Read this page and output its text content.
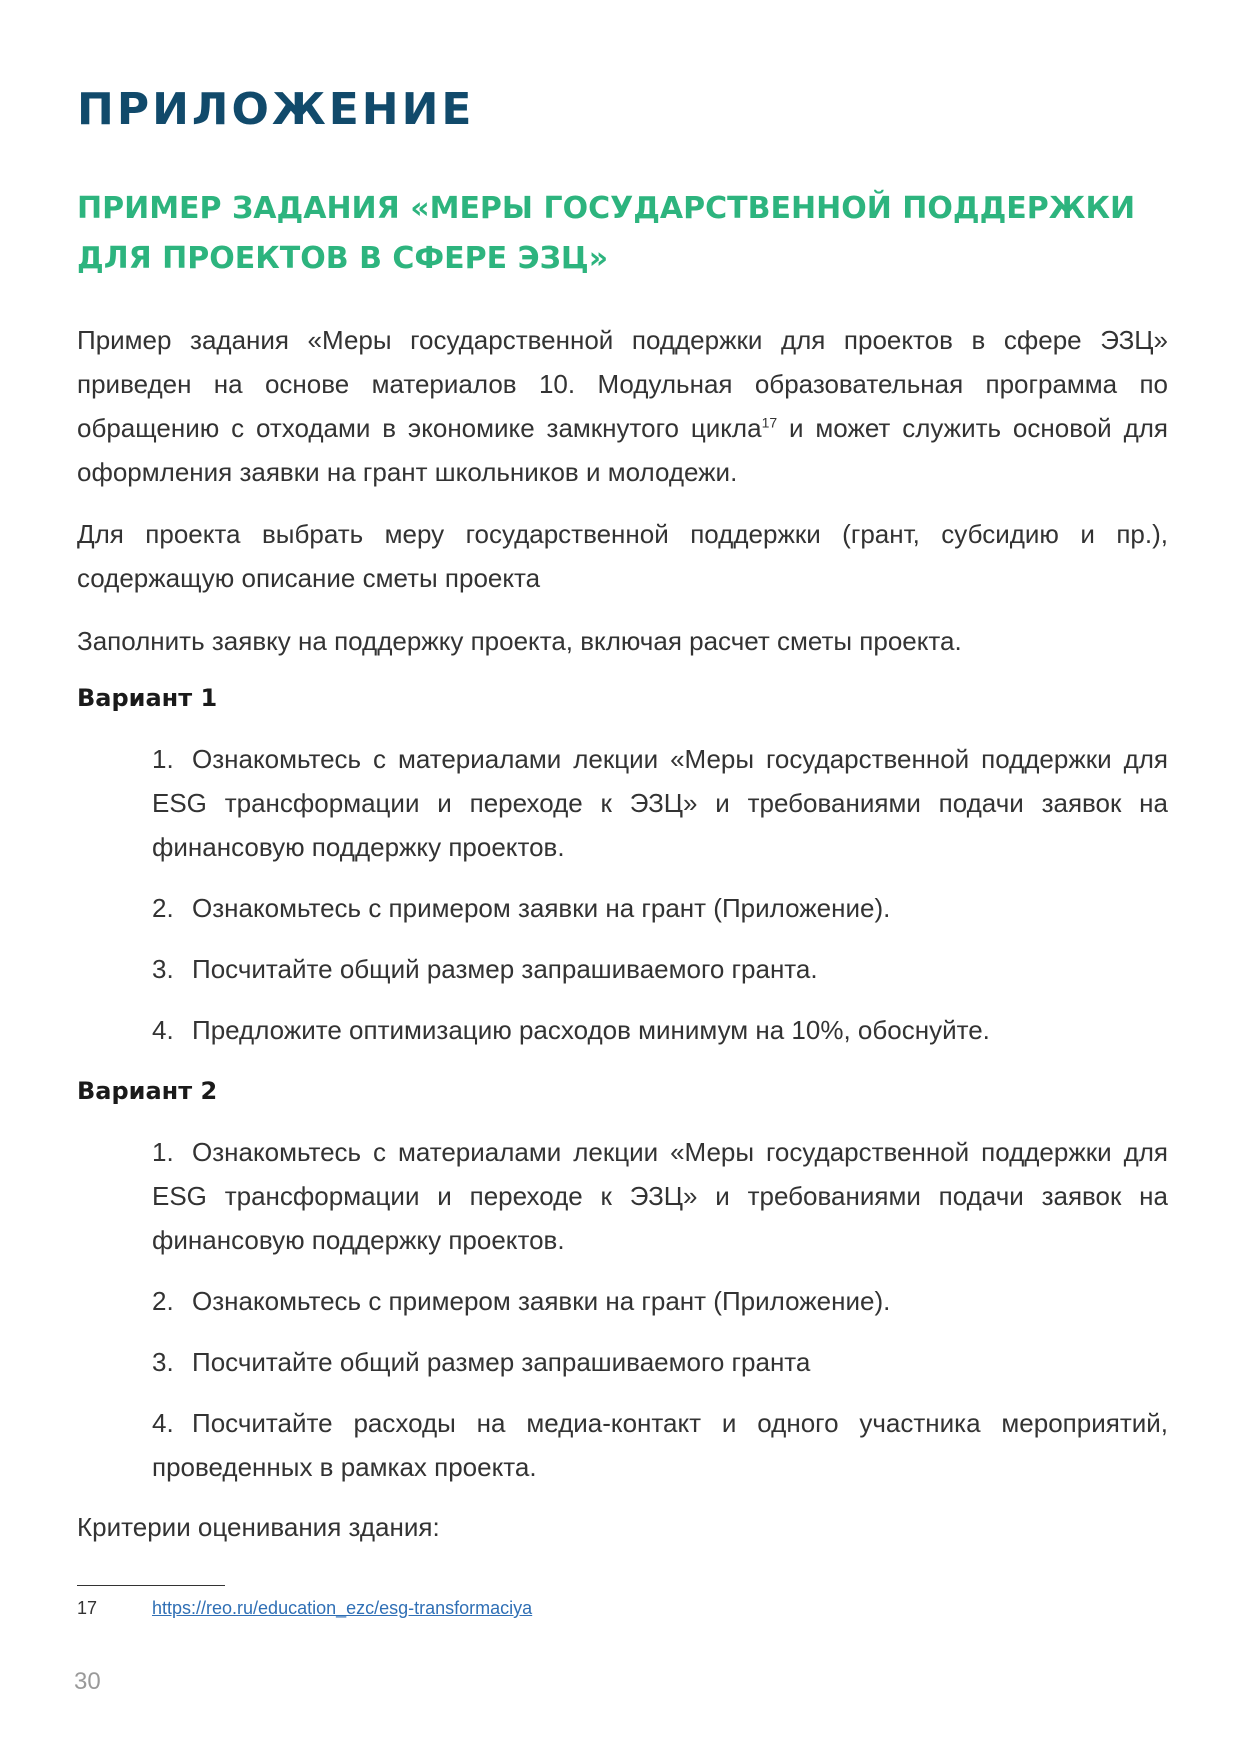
ПРИЛОЖЕНИЕ
ПРИМЕР ЗАДАНИЯ «МЕРЫ ГОСУДАРСТВЕННОЙ ПОДДЕРЖКИ
ДЛЯ ПРОЕКТОВ В СФЕРЕ ЭЗЦ»

Пример задания «Меры государственной поддержки для проектов в сфере ЭЗЦ» приведен на основе материалов 10. Модульная образовательная программа по обращению с отходами в экономике замкнутого цикла$^{17}$ и может служить основой для оформления заявки на грант школьников и молодежи.

Для проекта выбрать меру государственной поддержки (грант, субсидию и пр.), содержащую описание сметы проекта

Заполнить заявку на поддержку проекта, включая расчет сметы проекта.

Вариант 1
1. Ознакомьтесь с материалами лекции «Меры государственной поддержки для ESG трансформации и переходе к ЭЗЦ» и требованиями подачи заявок на финансовую поддержку проектов.
2. Ознакомьтесь с примером заявки на грант (Приложение).
3. Посчитайте общий размер запрашиваемого гранта.
4. Предложите оптимизацию расходов минимум на 10%, обоснуйте.
Вариант 2
1. Ознакомьтесь с материалами лекции «Меры государственной поддержки для ESG трансформации и переходе к ЭЗЦ» и требованиями подачи заявок на финансовую поддержку проектов.
2. Ознакомьтесь с примером заявки на грант (Приложение).
3. Посчитайте общий размер запрашиваемого гранта
4. Посчитайте расходы на медиа-контакт и одного участника мероприятий, проведенных в рамках проекта.

Критерии оценивания здания:

17	https://reo.ru/education_ezc/esg-transformaciya
30
